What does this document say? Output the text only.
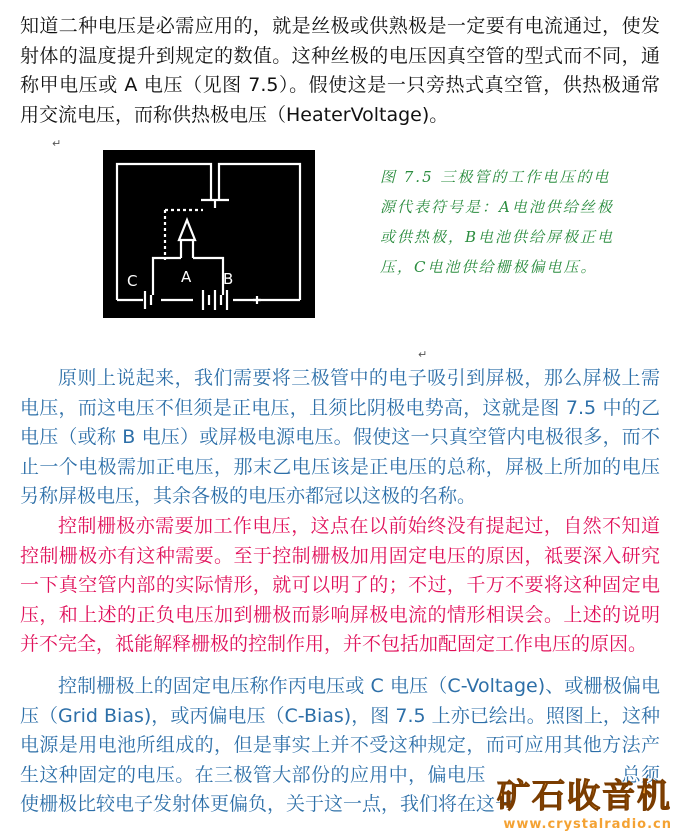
知道二种电压是必需应用的，就是丝极或供熟极是一定要有电流通过，使发射体的温度提升到规定的数值。这种丝极的电压因真空管的型式而不同，通称甲电压或 A 电压（见图 7.5）。假使这是一只旁热式真空管，供热极通常用交流电压，而称供热极电压（HeaterVoltage)。

↵
A B
C
图 7.5 三极管的工作电压的电源代表符号是：A电池供给丝极或供热极，B电池供给屏极正电压，C电池供给栅极偏电压。
↵

原则上说起来，我们需要将三极管中的电子吸引到屏极，那么屏极上需电压，而这电压不但须是正电压，且须比阴极电势高，这就是图 7.5 中的乙电压（或称 B 电压）或屏极电源电压。假使这一只真空管内电极很多，而不止一个电极需加正电压，那末乙电压该是正电压的总称，屏极上所加的电压另称屏极电压，其余各极的电压亦都冠以这极的名称。

控制栅极亦需要加工作电压，这点在以前始终没有提起过，自然不知道控制栅极亦有这种需要。至于控制栅极加用固定电压的原因，祗要深入研究一下真空管内部的实际情形，就可以明了的；不过，千万不要将这种固定电压，和上述的正负电压加到栅极而影响屏极电流的情形相误会。上述的说明并不完全，祗能解释栅极的控制作用，并不包括加配固定工作电压的原因。

控制栅极上的固定电压称作丙电压或 C 电压（C-Voltage)、或栅极偏电压（Grid Bias)，或丙偏电压（C-Bias)，图 7.5 上亦已绘出。照图上，这种电源是用电池所组成的，但是事实上并不受这种规定，而可应用其他方法产生这种固定的电压。在三极管大部份的应用中，偏电压　　　　　　　总须使栅极比较电子发射体更偏负，关于这一点，我们将在这一

矿石收音机
www.crystalradio.cn
